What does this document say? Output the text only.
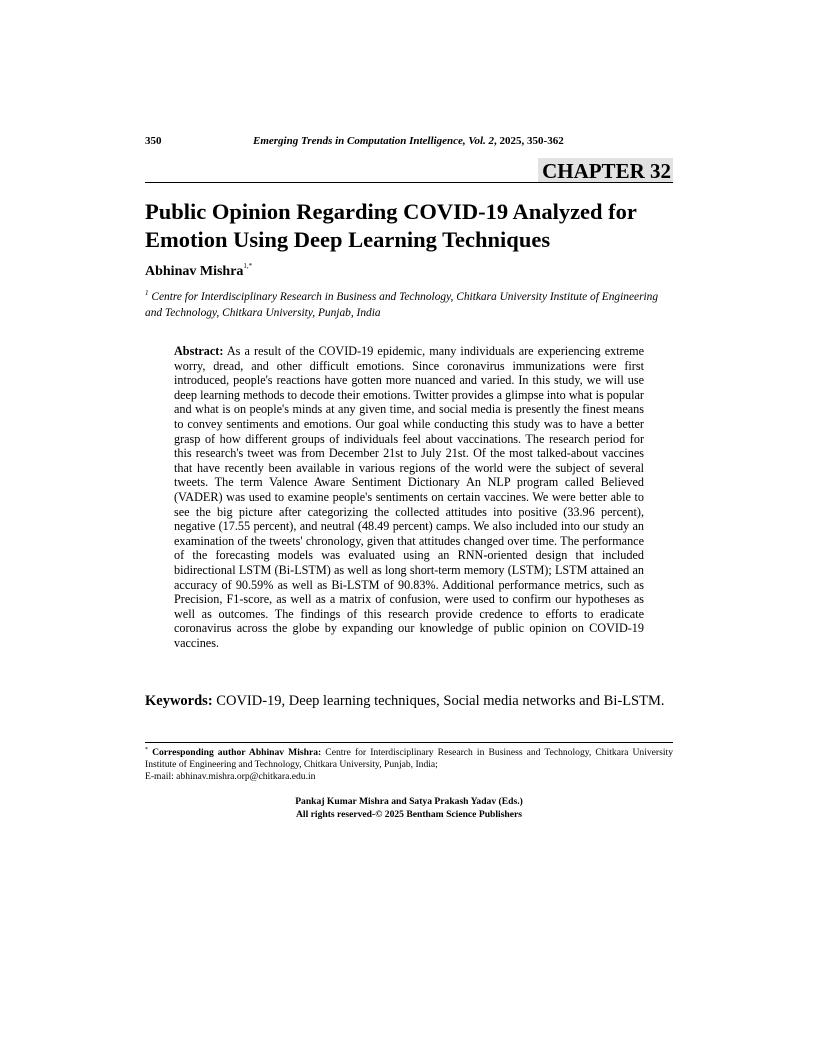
350	Emerging Trends in Computation Intelligence, Vol. 2, 2025, 350-362
CHAPTER 32
Public Opinion Regarding COVID-19 Analyzed for
Emotion Using Deep Learning Techniques
Abhinav Mishra$^{1,*}$

$^1$ Centre for Interdisciplinary Research in Business and Technology, Chitkara University Institute of Engineering and Technology, Chitkara University, Punjab, India

Abstract: As a result of the COVID-19 epidemic, many individuals are experiencing extreme worry, dread, and other difficult emotions. Since coronavirus immunizations were first introduced, people's reactions have gotten more nuanced and varied. In this study, we will use deep learning methods to decode their emotions. Twitter provides a glimpse into what is popular and what is on people's minds at any given time, and social media is presently the finest means to convey sentiments and emotions. Our goal while conducting this study was to have a better grasp of how different groups of individuals feel about vaccinations. The research period for this research's tweet was from December 21st to July 21st. Of the most talked-about vaccines that have recently been available in various regions of the world were the subject of several tweets. The term Valence Aware Sentiment Dictionary An NLP program called Believed (VADER) was used to examine people's sentiments on certain vaccines. We were better able to see the big picture after categorizing the collected attitudes into positive (33.96 percent), negative (17.55 percent), and neutral (48.49 percent) camps. We also included into our study an examination of the tweets' chronology, given that attitudes changed over time. The performance of the forecasting models was evaluated using an RNN-oriented design that included bidirectional LSTM (Bi-LSTM) as well as long short-term memory (LSTM); LSTM attained an accuracy of 90.59% as well as Bi-LSTM of 90.83%. Additional performance metrics, such as Precision, F1-score, as well as a matrix of confusion, were used to confirm our hypotheses as well as outcomes. The findings of this research provide credence to efforts to eradicate coronavirus across the globe by expanding our knowledge of public opinion on COVID-19 vaccines.

Keywords: COVID-19, Deep learning techniques, Social media networks and Bi-LSTM.

* Corresponding author Abhinav Mishra: Centre for Interdisciplinary Research in Business and Technology, Chitkara University Institute of Engineering and Technology, Chitkara University, Punjab, India;
E-mail: abhinav.mishra.orp@chitkara.edu.in

Pankaj Kumar Mishra and Satya Prakash Yadav (Eds.)
All rights reserved-© 2025 Bentham Science Publishers
